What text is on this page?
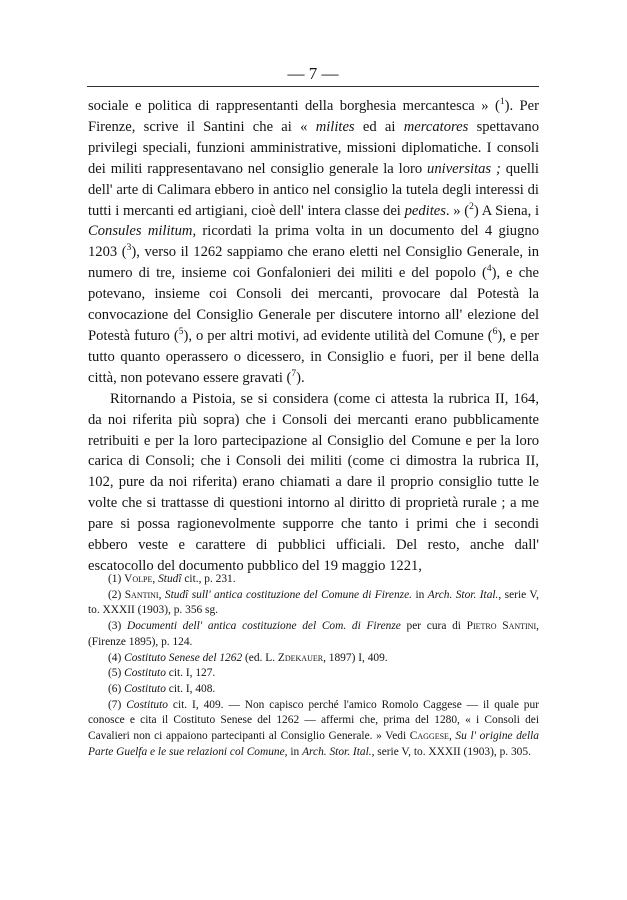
— 7 —

sociale e politica di rappresentanti della borghesia mercantesca » ($^1$). Per Firenze, scrive il Santini che ai « milites ed ai mercatores spettavano privilegi speciali, funzioni amministrative, missioni diplomatiche. I consoli dei militi rappresentavano nel consiglio generale la loro universitas ; quelli dell' arte di Calimara ebbero in antico nel consiglio la tutela degli interessi di tutti i mercanti ed artigiani, cioè dell' intera classe dei pedites. » ($^2$) A Siena, i Consules militum, ricordati la prima volta in un documento del 4 giugno 1203 ($^3$), verso il 1262 sappiamo che erano eletti nel Consiglio Generale, in numero di tre, insieme coi Gonfalonieri dei militi e del popolo ($^4$), e che potevano, insieme coi Consoli dei mercanti, provocare dal Potestà la convocazione del Consiglio Generale per discutere intorno all' elezione del Potestà futuro ($^5$), o per altri motivi, ad evidente utilità del Comune ($^6$), e per tutto quanto operassero o dicessero, in Consiglio e fuori, per il bene della città, non potevano essere gravati ($^7$).

Ritornando a Pistoia, se si considera (come ci attesta la rubrica II, 164, da noi riferita più sopra) che i Consoli dei mercanti erano pubblicamente retribuiti e per la loro partecipazione al Consiglio del Comune e per la loro carica di Consoli; che i Consoli dei militi (come ci dimostra la rubrica II, 102, pure da noi riferita) erano chiamati a dare il proprio consiglio tutte le volte che si trattasse di questioni intorno al diritto di proprietà rurale ; a me pare si possa ragionevolmente supporre che tanto i primi che i secondi ebbero veste e carattere di pubblici ufficiali. Del resto, anche dall' escatocollo del documento pubblico del 19 maggio 1221,

(1) Volpe, Studî cit., p. 231.

(2) Santini, Studî sull' antica costituzione del Comune di Firenze. in Arch. Stor. Ital., serie V, to. XXXII (1903), p. 356 sg.

(3) Documenti dell' antica costituzione del Com. di Firenze per cura di Pietro Santini, (Firenze 1895), p. 124.

(4) Costituto Senese del 1262 (ed. L. Zdekauer, 1897) I, 409.

(5) Costituto cit. I, 127.

(6) Costituto cit. I, 408.

(7) Costituto cit. I, 409. — Non capisco perché l'amico Romolo Caggese — il quale pur conosce e cita il Costituto Senese del 1262 — affermi che, prima del 1280, « i Consoli dei Cavalieri non ci appaiono partecipanti al Consiglio Generale. » Vedi Caggese, Su l' origine della Parte Guelfa e le sue relazioni col Comune, in Arch. Stor. Ital., serie V, to. XXXII (1903), p. 305.
